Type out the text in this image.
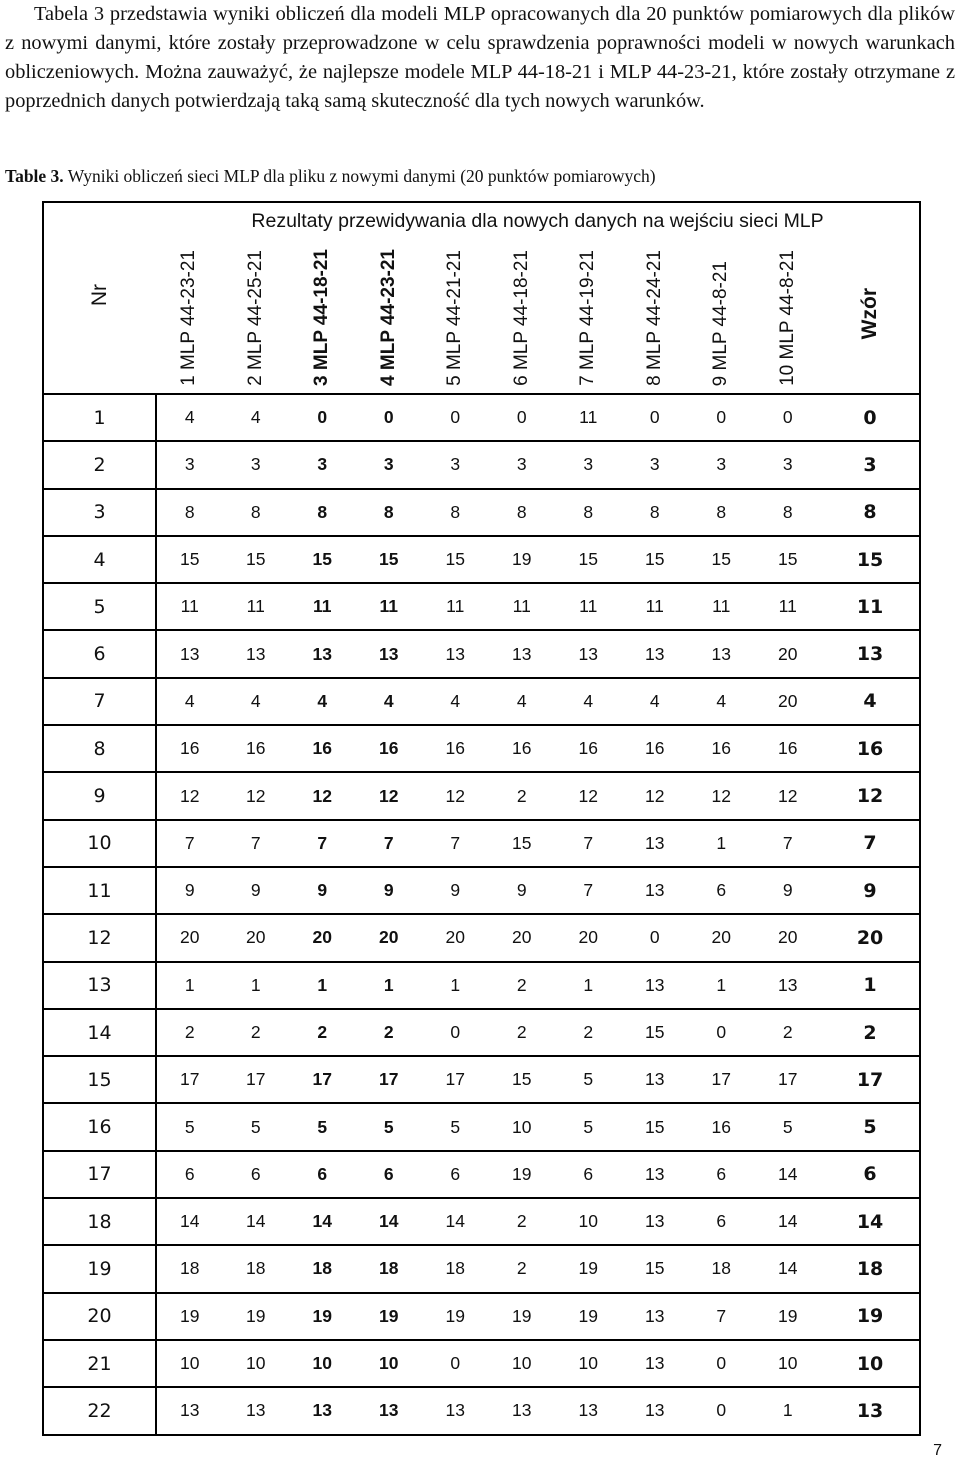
Tabela 3 przedstawia wyniki obliczeń dla modeli MLP opracowanych dla 20 punktów pomiarowych dla plików z nowymi danymi, które zostały przeprowadzone w celu sprawdzenia poprawności modeli w nowych warunkach obliczeniowych. Można zauważyć, że najlepsze modele MLP 44-18-21 i MLP 44-23-21, które zostały otrzymane z poprzednich danych potwierdzają taką samą skuteczność dla tych nowych warunków.

Table 3. Wyniki obliczeń sieci MLP dla pliku z nowymi danymi (20 punktów pomiarowych)

Nr	Rezultaty przewidywania dla nowych danych na wejściu sieci MLP										
	1 MLP 44-23-21	2 MLP 44-25-21	3 MLP 44-18-21	4 MLP 44-23-21	5 MLP 44-21-21	6 MLP 44-18-21	7 MLP 44-19-21	8 MLP 44-24-21	9 MLP 44-8-21	10 MLP 44-8-21	Wzór
1	4	4	0	0	0	0	11	0	0	0	0
2	3	3	3	3	3	3	3	3	3	3	3
3	8	8	8	8	8	8	8	8	8	8	8
4	15	15	15	15	15	19	15	15	15	15	15
5	11	11	11	11	11	11	11	11	11	11	11
6	13	13	13	13	13	13	13	13	13	20	13
7	4	4	4	4	4	4	4	4	4	20	4
8	16	16	16	16	16	16	16	16	16	16	16
9	12	12	12	12	12	2	12	12	12	12	12
10	7	7	7	7	7	15	7	13	1	7	7
11	9	9	9	9	9	9	7	13	6	9	9
12	20	20	20	20	20	20	20	0	20	20	20
13	1	1	1	1	1	2	1	13	1	13	1
14	2	2	2	2	0	2	2	15	0	2	2
15	17	17	17	17	17	15	5	13	17	17	17
16	5	5	5	5	5	10	5	15	16	5	5
17	6	6	6	6	6	19	6	13	6	14	6
18	14	14	14	14	14	2	10	13	6	14	14
19	18	18	18	18	18	2	19	15	18	14	18
20	19	19	19	19	19	19	19	13	7	19	19
21	10	10	10	10	0	10	10	13	0	10	10
22	13	13	13	13	13	13	13	13	0	1	13
7
